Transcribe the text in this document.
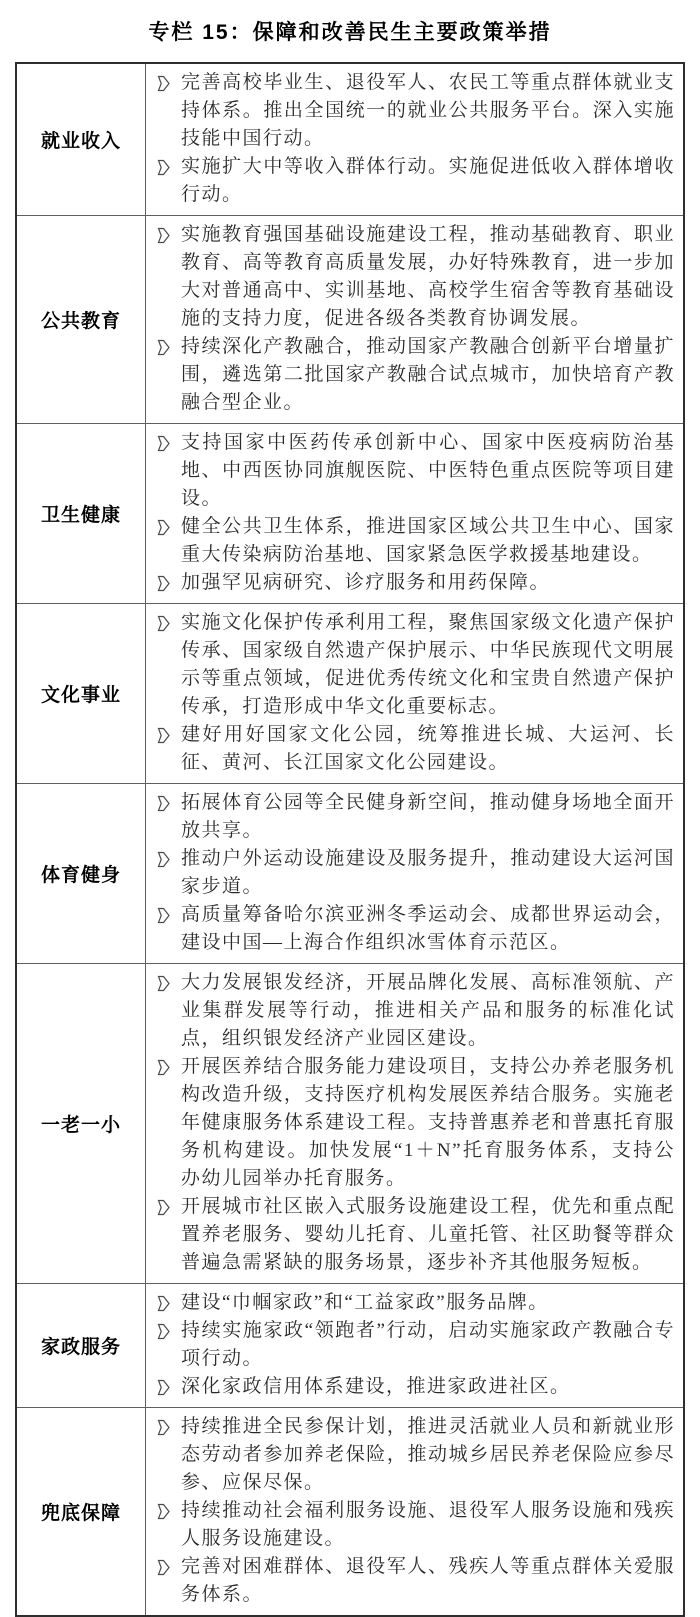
专栏 15：保障和改善民生主要政策举措
就业收入

完善高校毕业生、退役军人、农民工等重点群体就业支持体系。推出全国统一的就业公共服务平台。深入实施技能中国行动。

实施扩大中等收入群体行动。实施促进低收入群体增收行动。

公共教育

实施教育强国基础设施建设工程，推动基础教育、职业教育、高等教育高质量发展，办好特殊教育，进一步加大对普通高中、实训基地、高校学生宿舍等教育基础设施的支持力度，促进各级各类教育协调发展。

持续深化产教融合，推动国家产教融合创新平台增量扩围，遴选第二批国家产教融合试点城市，加快培育产教融合型企业。

卫生健康

支持国家中医药传承创新中心、国家中医疫病防治基地、中西医协同旗舰医院、中医特色重点医院等项目建设。

健全公共卫生体系，推进国家区域公共卫生中心、国家重大传染病防治基地、国家紧急医学救援基地建设。

加强罕见病研究、诊疗服务和用药保障。

文化事业

实施文化保护传承利用工程，聚焦国家级文化遗产保护传承、国家级自然遗产保护展示、中华民族现代文明展示等重点领域，促进优秀传统文化和宝贵自然遗产保护传承，打造形成中华文化重要标志。

建好用好国家文化公园，统筹推进长城、大运河、长征、黄河、长江国家文化公园建设。

体育健身

拓展体育公园等全民健身新空间，推动健身场地全面开放共享。

推动户外运动设施建设及服务提升，推动建设大运河国家步道。

高质量筹备哈尔滨亚洲冬季运动会、成都世界运动会，建设中国—上海合作组织冰雪体育示范区。

一老一小

大力发展银发经济，开展品牌化发展、高标准领航、产业集群发展等行动，推进相关产品和服务的标准化试点，组织银发经济产业园区建设。

开展医养结合服务能力建设项目，支持公办养老服务机构改造升级，支持医疗机构发展医养结合服务。实施老年健康服务体系建设工程。支持普惠养老和普惠托育服务机构建设。加快发展“1＋N”托育服务体系，支持公办幼儿园举办托育服务。

开展城市社区嵌入式服务设施建设工程，优先和重点配置养老服务、婴幼儿托育、儿童托管、社区助餐等群众普遍急需紧缺的服务场景，逐步补齐其他服务短板。

家政服务

建设“巾帼家政”和“工益家政”服务品牌。

持续实施家政“领跑者”行动，启动实施家政产教融合专项行动。

深化家政信用体系建设，推进家政进社区。

兜底保障

持续推进全民参保计划，推进灵活就业人员和新就业形态劳动者参加养老保险，推动城乡居民养老保险应参尽参、应保尽保。

持续推动社会福利服务设施、退役军人服务设施和残疾人服务设施建设。

完善对困难群体、退役军人、残疾人等重点群体关爱服务体系。
